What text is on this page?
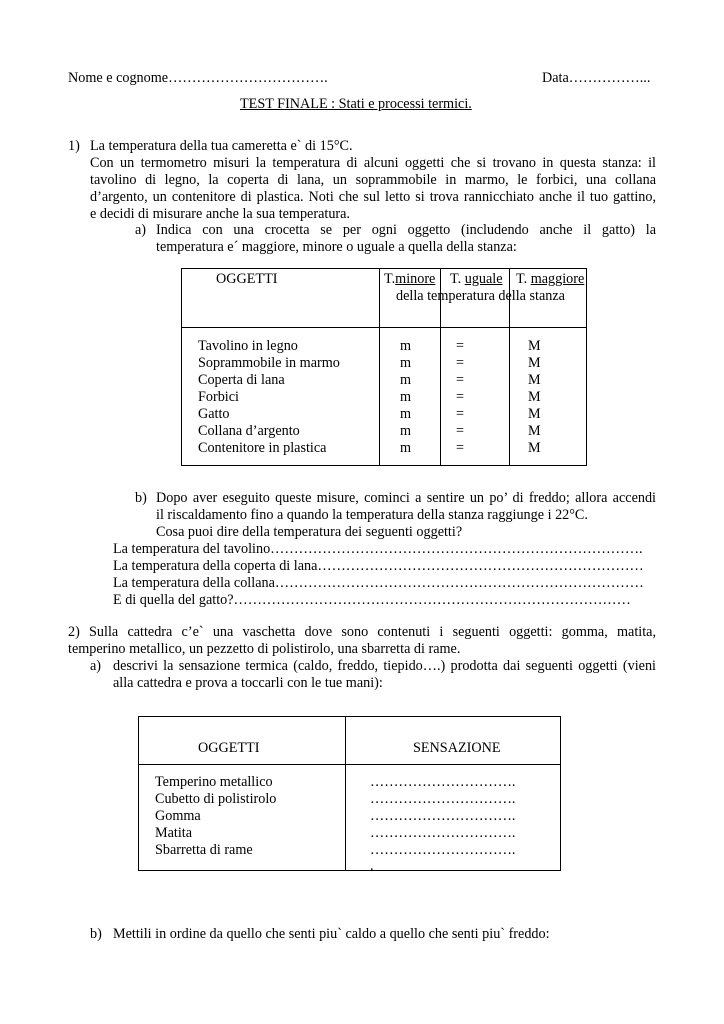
Nome e cognome…………………………….	Data……………...
TEST FINALE : Stati e processi termici.
1) La temperatura della tua cameretta e` di 15°C.
Con un termometro misuri la temperatura di alcuni oggetti che si trovano in questa stanza: il
tavolino di legno, la coperta di lana, un soprammobile in marmo, le forbici, una collana
d’argento, un contenitore di plastica. Noti che sul letto si trova rannicchiato anche il tuo gattino,
e decidi di misurare anche la sua temperatura.
a) Indica con una crocetta se per ogni oggetto (includendo anche il gatto) la
temperatura e´ maggiore, minore o uguale a quella della stanza:
OGGETTI	T.minore T. uguale T. maggiore
della temperatura della stanza
Tavolino in legno	m	=	M
Soprammobile in marmo	m	=	M
Coperta di lana	m	=	M
Forbici	m	=	M
Gatto	m	=	M
Collana d’argento	m	=	M
Contenitore in plastica	m	=	M
b) Dopo aver eseguito queste misure, cominci a sentire un po’ di freddo; allora accendi
il riscaldamento fino a quando la temperatura della stanza raggiunge i 22°C.
Cosa puoi dire della temperatura dei seguenti oggetti?
La temperatura del tavolino…………………………………………………………………….
La temperatura della coperta di lana……………………………………………………………
La temperatura della collana……………………………………………………………………
E di quella del gatto?…………………………………………………………………………
2) Sulla cattedra c’e` una vaschetta dove sono contenuti i seguenti oggetti: gomma, matita,
temperino metallico, un pezzetto di polistirolo, una sbarretta di rame.
a) descrivi la sensazione termica (caldo, freddo, tiepido….) prodotta dai seguenti oggetti (vieni
alla cattedra e prova a toccarli con le tue mani):
OGGETTI	SENSAZIONE
Temperino metallico	………………………….
Cubetto di polistirolo	………………………….
Gomma	………………………….
Matita	………………………….
Sbarretta di rame	………………………….
.
b) Mettili in ordine da quello che senti piu` caldo a quello che senti piu` freddo:
